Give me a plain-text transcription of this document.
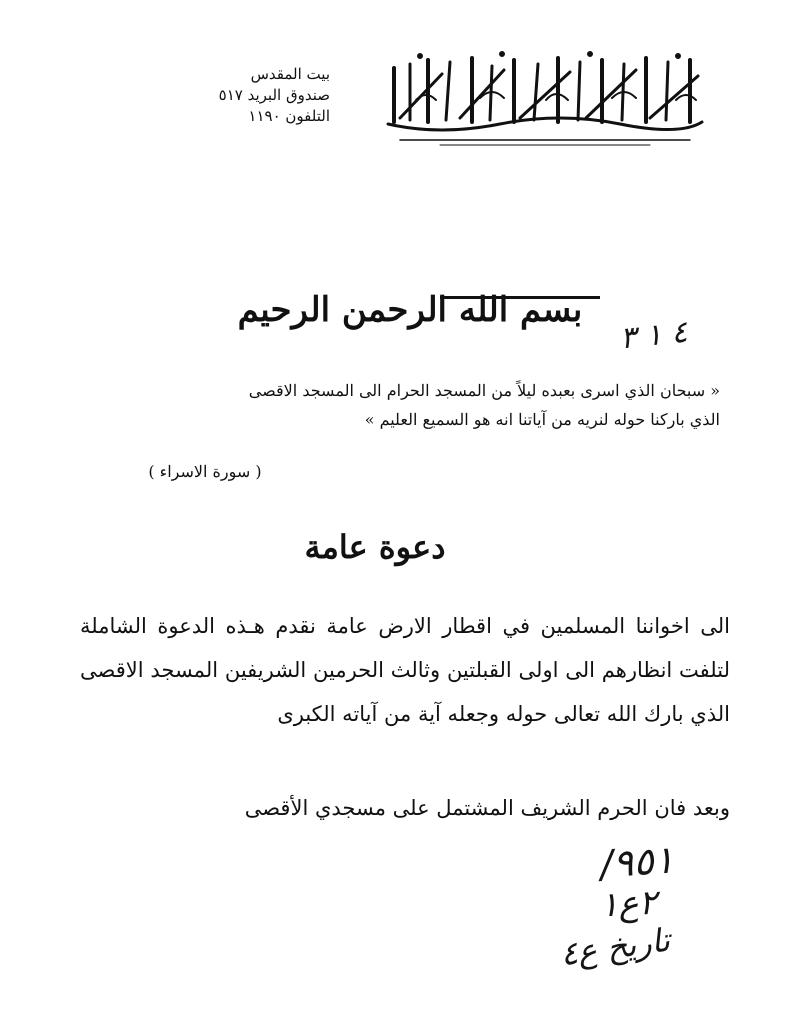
بيت المقدس
صندوق البريد ٥١٧
التلفون ١١٩٠
بسم الله الرحمن الرحيم
٤ ١ ٣
« سبحان الذي اسرى بعبده ليلاً من المسجد الحرام الى المسجد الاقصى
الذي باركنا حوله لنريه من آياتنا انه هو السميع العليم »
( سورة الاسراء )
دعوة عامة
الى اخواننا المسلمين في اقطار الارض عامة نقدم هـذه الدعوة الشاملة لتلفت انظارهم الى اولى القبلتين وثالث الحرمين الشريفين المسجد الاقصى الذي بارك الله تعالى حوله وجعله آية من آياته الكبرى
وبعد فان الحرم الشريف المشتمل على مسجدي الأقصى
٩٥١/
٢ع١
تاريخ ع٤
